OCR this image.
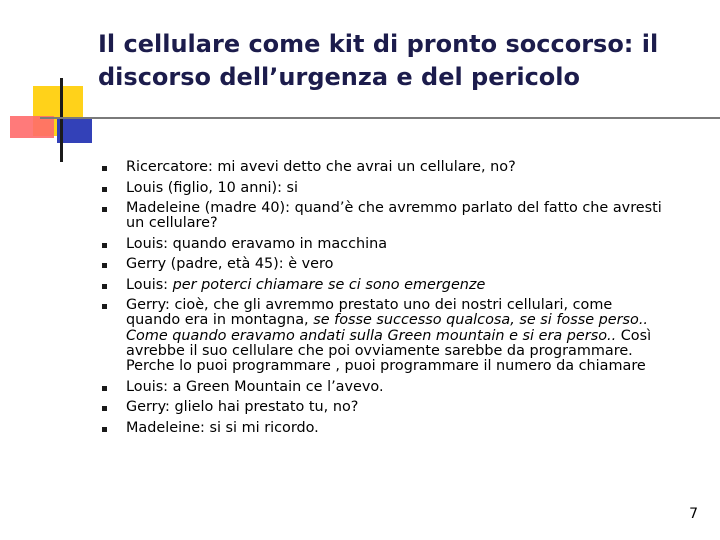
Il cellulare come kit di pronto soccorso: il
discorso dell’urgenza e del pericolo
Ricercatore: mi avevi detto che avrai un cellulare, no?
Louis (figlio, 10 anni): si
Madeleine (madre 40): quand’è che avremmo parlato del fatto che avresti un cellulare?
Louis: quando eravamo in macchina
Gerry (padre, età 45): è vero
Louis: per poterci chiamare se ci sono emergenze
Gerry: cioè, che gli avremmo prestato uno dei nostri cellulari, come quando era in montagna, se fosse successo qualcosa, se si fosse perso.. Come quando eravamo andati sulla Green mountain e si era perso.. Così avrebbe il suo cellulare che poi ovviamente sarebbe da programmare. Perche lo puoi programmare , puoi programmare il numero da chiamare
Louis: a Green Mountain ce l’avevo.
Gerry: glielo hai prestato tu, no?
Madeleine: si si mi ricordo.
7
